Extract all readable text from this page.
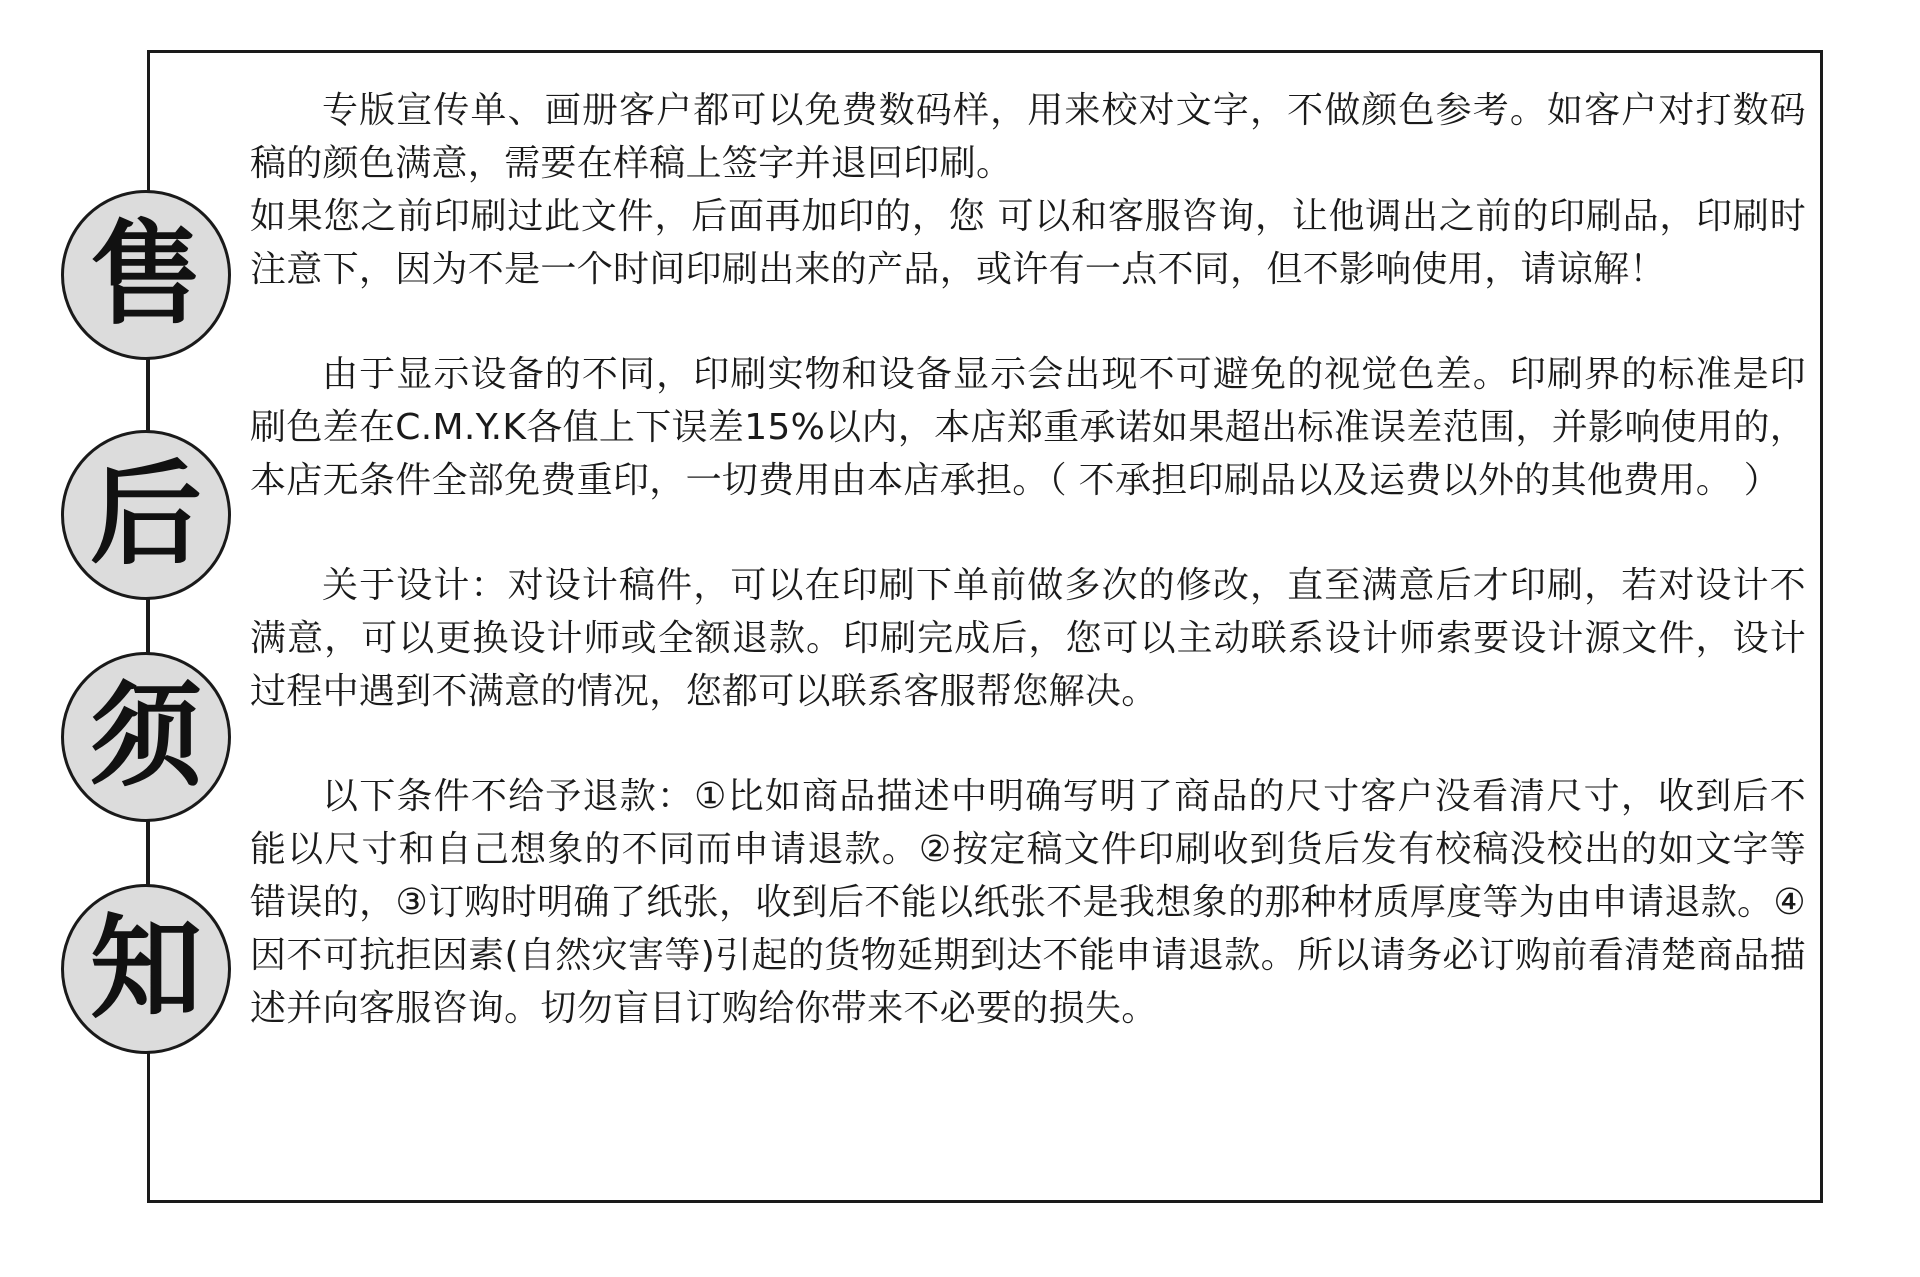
售
后
须
知

专版宣传单、画册客户都可以免费数码样，用来校对文字，不做颜色参考。如客户对打数码稿的颜色满意，需要在样稿上签字并退回印刷。

如果您之前印刷过此文件，后面再加印的，您 可以和客服咨询，让他调出之前的印刷品，印刷时注意下，因为不是一个时间印刷出来的产品，或许有一点不同，但不影响使用，请谅解！

由于显示设备的不同，印刷实物和设备显示会出现不可避免的视觉色差。印刷界的标准是印刷色差在C.M.Y.K各值上下误差15%以内，本店郑重承诺如果超出标准误差范围，并影响使用的，本店无条件全部免费重印，一切费用由本店承担。（ 不承担印刷品以及运费以外的其他费用。 ）

关于设计：对设计稿件，可以在印刷下单前做多次的修改，直至满意后才印刷，若对设计不满意，可以更换设计师或全额退款。印刷完成后，您可以主动联系设计师索要设计源文件，设计过程中遇到不满意的情况，您都可以联系客服帮您解决。

以下条件不给予退款：①比如商品描述中明确写明了商品的尺寸客户没看清尺寸，收到后不能以尺寸和自己想象的不同而申请退款。②按定稿文件印刷收到货后发有校稿没校出的如文字等错误的，③订购时明确了纸张，收到后不能以纸张不是我想象的那种材质厚度等为由申请退款。④因不可抗拒因素(自然灾害等)引起的货物延期到达不能申请退款。所以请务必订购前看清楚商品描述并向客服咨询。切勿盲目订购给你带来不必要的损失。
